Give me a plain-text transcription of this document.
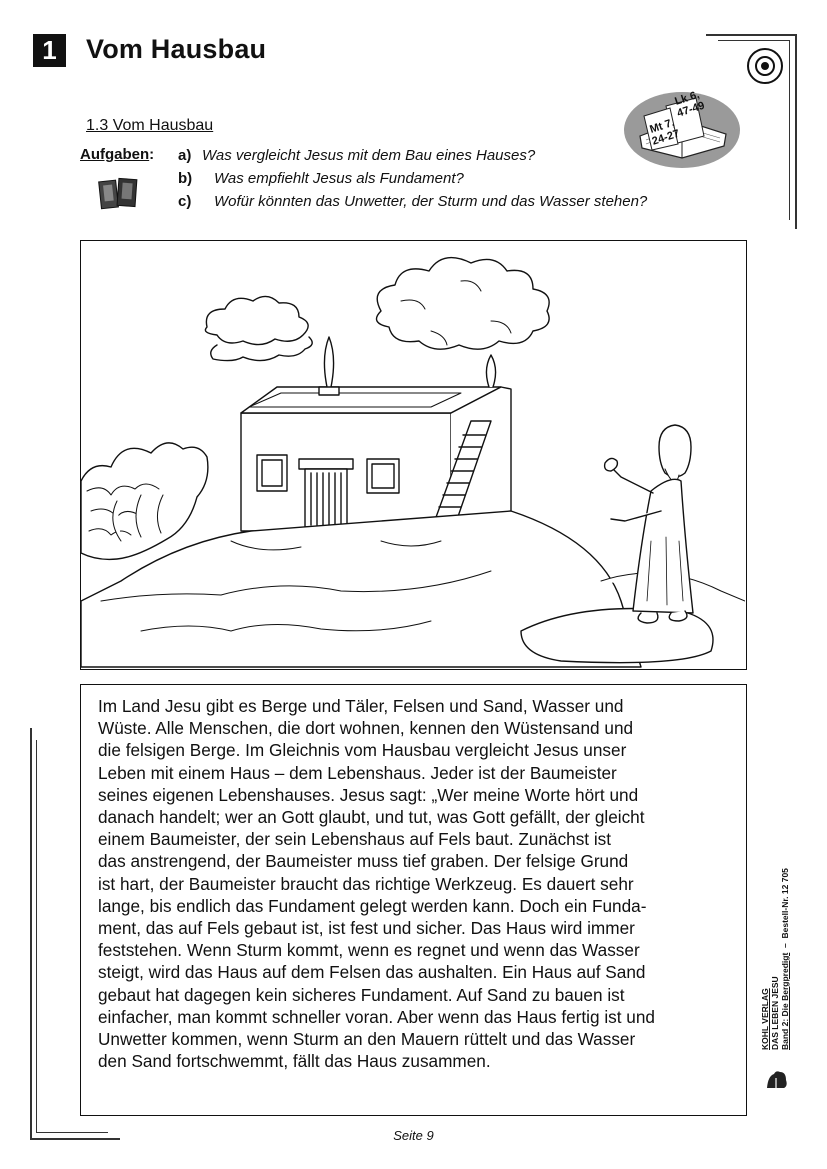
1	Vom Hausbau
Mt 7, 24-27
Lk 6, 47-49
1.3 Vom Hausbau
Aufgaben: a) Was vergleicht Jesus mit dem Bau eines Hauses?
b) Was empfiehlt Jesus als Fundament?
c) Wofür könnten das Unwetter, der Sturm und das Wasser stehen?
Im Land Jesu gibt es Berge und Täler, Felsen und Sand, Wasser und
Wüste. Alle Menschen, die dort wohnen, kennen den Wüstensand und
die felsigen Berge. Im Gleichnis vom Hausbau vergleicht Jesus unser
Leben mit einem Haus – dem Lebenshaus. Jeder ist der Baumeister
seines eigenen Lebenshauses. Jesus sagt: „Wer meine Worte hört und
danach handelt; wer an Gott glaubt, und tut, was Gott gefällt, der gleicht
einem Baumeister, der sein Lebenshaus auf Fels baut. Zunächst ist
das anstrengend, der Baumeister muss tief graben. Der felsige Grund
ist hart, der Baumeister braucht das richtige Werkzeug. Es dauert sehr
lange, bis endlich das Fundament gelegt werden kann. Doch ein Funda-
ment, das auf Fels gebaut ist, ist fest und sicher. Das Haus wird immer
feststehen. Wenn Sturm kommt, wenn es regnet und wenn das Wasser
steigt, wird das Haus auf dem Felsen das aushalten. Ein Haus auf Sand
gebaut hat dagegen kein sicheres Fundament. Auf Sand zu bauen ist
einfacher, man kommt schneller voran. Aber wenn das Haus fertig ist und
Unwetter kommen, wenn Sturm an den Mauern rüttelt und das Wasser
den Sand fortschwemmt, fällt das Haus zusammen.
KOHL VERLAG DAS LEBEN JESU Band 2: Die Bergpredigt  –  Bestell-Nr. 12 705
Seite 9
